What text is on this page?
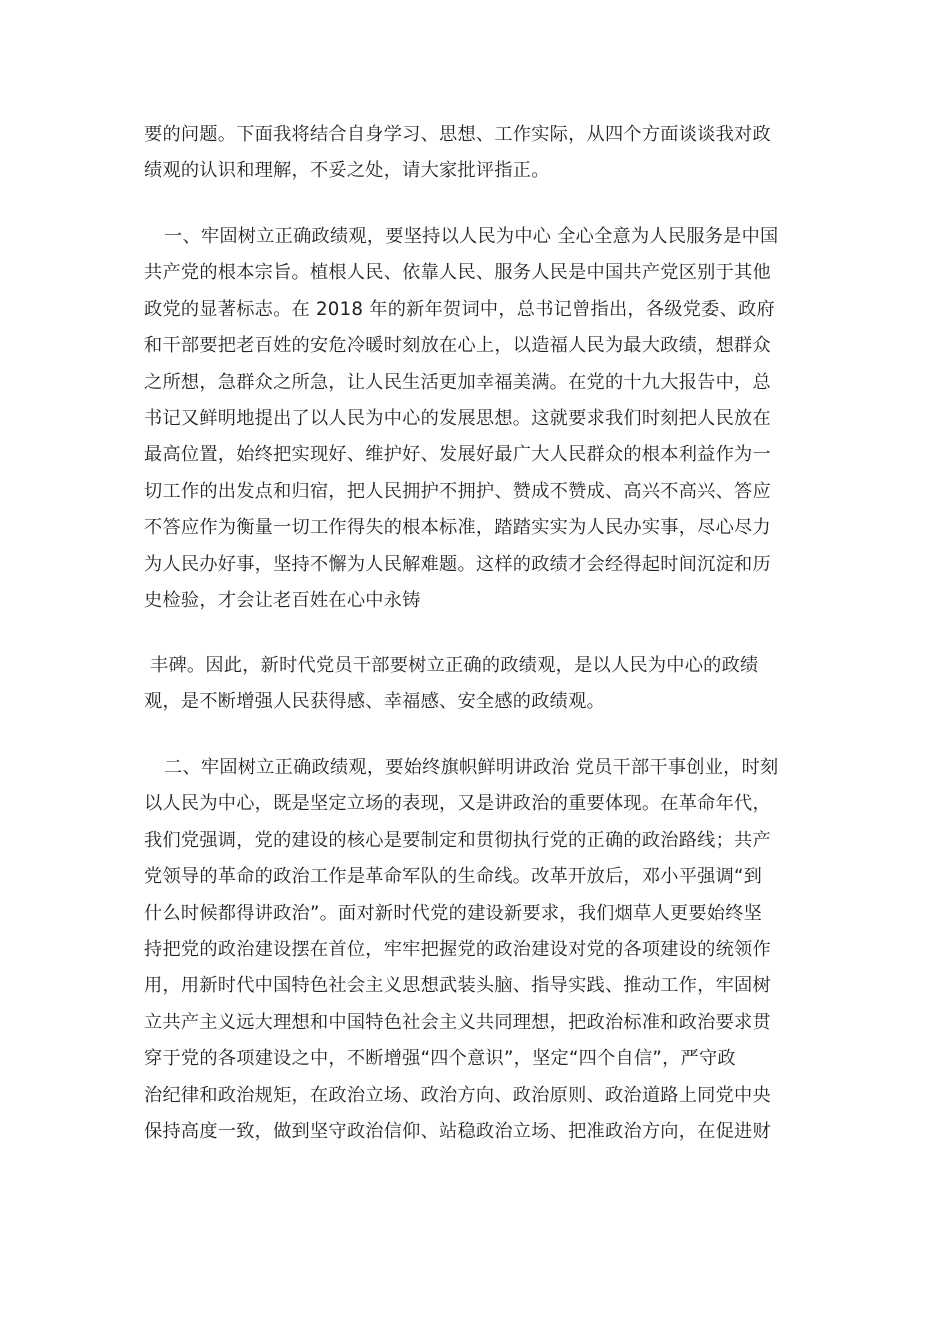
要的问题。下面我将结合自身学习、思想、工作实际，从四个方面谈谈我对政
绩观的认识和理解，不妥之处，请大家批评指正。
一、牢固树立正确政绩观，要坚持以人民为中心 全心全意为人民服务是中国
共产党的根本宗旨。植根人民、依靠人民、服务人民是中国共产党区别于其他
政党的显著标志。在 2018 年的新年贺词中，总书记曾指出，各级党委、政府
和干部要把老百姓的安危冷暖时刻放在心上，以造福人民为最大政绩，想群众
之所想，急群众之所急，让人民生活更加幸福美满。在党的十九大报告中，总
书记又鲜明地提出了以人民为中心的发展思想。这就要求我们时刻把人民放在
最高位置，始终把实现好、维护好、发展好最广大人民群众的根本利益作为一
切工作的出发点和归宿，把人民拥护不拥护、赞成不赞成、高兴不高兴、答应
不答应作为衡量一切工作得失的根本标准，踏踏实实为人民办实事，尽心尽力
为人民办好事，坚持不懈为人民解难题。这样的政绩才会经得起时间沉淀和历
史检验，才会让老百姓在心中永铸
丰碑。因此，新时代党员干部要树立正确的政绩观，是以人民为中心的政绩
观，是不断增强人民获得感、幸福感、安全感的政绩观。
二、牢固树立正确政绩观，要始终旗帜鲜明讲政治 党员干部干事创业，时刻
以人民为中心，既是坚定立场的表现，又是讲政治的重要体现。在革命年代，
我们党强调，党的建设的核心是要制定和贯彻执行党的正确的政治路线；共产
党领导的革命的政治工作是革命军队的生命线。改革开放后，邓小平强调“到
什么时候都得讲政治”。面对新时代党的建设新要求，我们烟草人更要始终坚
持把党的政治建设摆在首位，牢牢把握党的政治建设对党的各项建设的统领作
用，用新时代中国特色社会主义思想武装头脑、指导实践、推动工作，牢固树
立共产主义远大理想和中国特色社会主义共同理想，把政治标准和政治要求贯
穿于党的各项建设之中，不断增强“四个意识”，坚定“四个自信”，严守政
治纪律和政治规矩，在政治立场、政治方向、政治原则、政治道路上同党中央
保持高度一致，做到坚守政治信仰、站稳政治立场、把准政治方向，在促进财
